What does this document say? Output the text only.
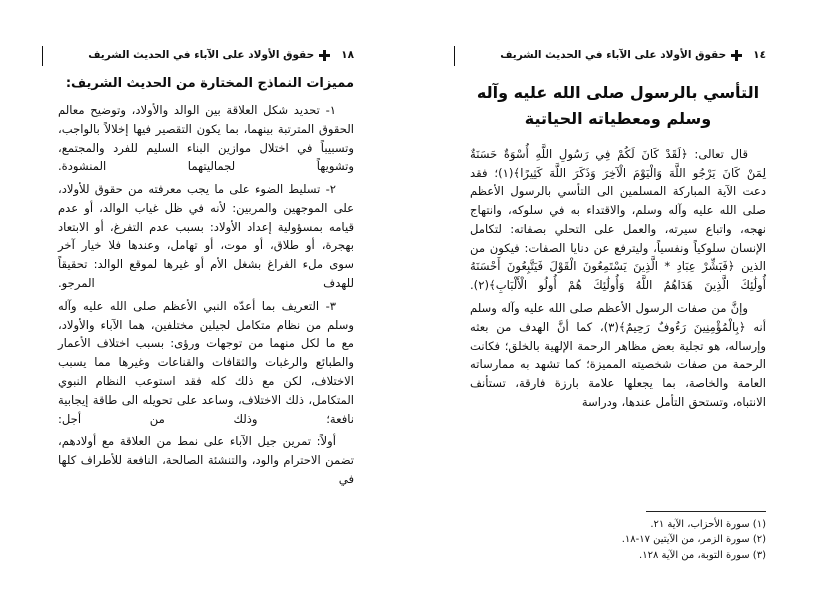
١٤
حقوق الأولاد على الآباء في الحديث الشريف
التأسي بالرسول صلى الله عليه وآله وسلم ومعطياته الحياتية

قال تعالى: ﴿لَقَدْ كَانَ لَكُمْ فِي رَسُولِ اللَّهِ أُسْوَةٌ حَسَنَةٌ لِمَنْ كَانَ يَرْجُو اللَّهَ وَالْيَوْمَ الْآخِرَ وَذَكَرَ اللَّهَ كَثِيرًا﴾(١)؛ فقد دعت الآية المباركة المسلمين الى التأسي بالرسول الأعظم صلى الله عليه وآله وسلم، والاقتداء به في سلوكه، وانتهاج نهجه، واتباع سيرته، والعمل على التحلي بصفاته: لتكامل الإنسان سلوكياً ونفسياً، وليترفع عن دنايا الصفات: فيكون من الذين ﴿فَبَشِّرْ عِبَادِ * الَّذِينَ يَسْتَمِعُونَ الْقَوْلَ فَيَتَّبِعُونَ أَحْسَنَهُ أُولَٰئِكَ الَّذِينَ هَدَاهُمُ اللَّهُ وَأُولَٰئِكَ هُمْ أُولُو الْأَلْبَابِ﴾(٢).

وإنَّ من صفات الرسول الأعظم صلى الله عليه وآله وسلم أنه ﴿بِالْمُؤْمِنِينَ رَءُوفٌ رَحِيمٌ﴾(٣)، كما أنَّ الهدف من بعثه وإرساله، هو تجلية بعض مظاهر الرحمة الإلهية بالخلق؛ فكانت الرحمة من صفات شخصيته المميزة؛ كما تشهد به ممارساته العامة والخاصة، بما يجعلها علامة بارزة فارقة، تستأنف الانتباه، وتستحق التأمل عندها، ودراسة

(١) سورة الأحزاب، الآية ٢١.

(٢) سورة الزمر، من الآيتين ١٧-١٨.

(٣) سورة التوبة، من الآية ١٢٨.

١٨
حقوق الأولاد على الآباء في الحديث الشريف
مميزات النماذج المختارة من الحديث الشريف:

١- تحديد شكل العلاقة بين الوالد والأولاد، وتوضيح معالم الحقوق المترتبة بينهما، بما يكون التقصير فيها إخلالاً بالواجب، وتسبيباً في اختلال موازين البناء السليم للفرد والمجتمع، وتشويهاً لجماليتهما المنشودة.

٢- تسليط الضوء على ما يجب معرفته من حقوق للأولاد، على الموجهين والمربين: لأنه في ظل غياب الوالد، أو عدم قيامه بمسؤولية إعداد الأولاد: بسبب عدم التفرغ، أو الابتعاد بهجرة، أو طلاق، أو موت، أو تهامل، وعندها فلا خيار آخر سوى ملء الفراغ بشغل الأم أو غيرها لموقع الوالد: تحقيقاً للهدف المرجو.

٣- التعريف بما أعدّه النبي الأعظم صلى الله عليه وآله وسلم من نظام متكامل لجيلين مختلفين، هما الآباء والأولاد، مع ما لكل منهما من توجهات ورؤى: بسبب اختلاف الأعمار والطبائع والرغبات والثقافات والقناعات وغيرها مما يسبب الاختلاف، لكن مع ذلك كله فقد استوعب النظام النبوي المتكامل، ذلك الاختلاف، وساعد على تحويله الى طاقة إيجابية نافعة؛ وذلك من أجل:

أولاً: تمرين جيل الآباء على نمط من العلاقة مع أولادهم، تضمن الاحترام والود، والتنشئة الصالحة، النافعة للأطراف كلها في
